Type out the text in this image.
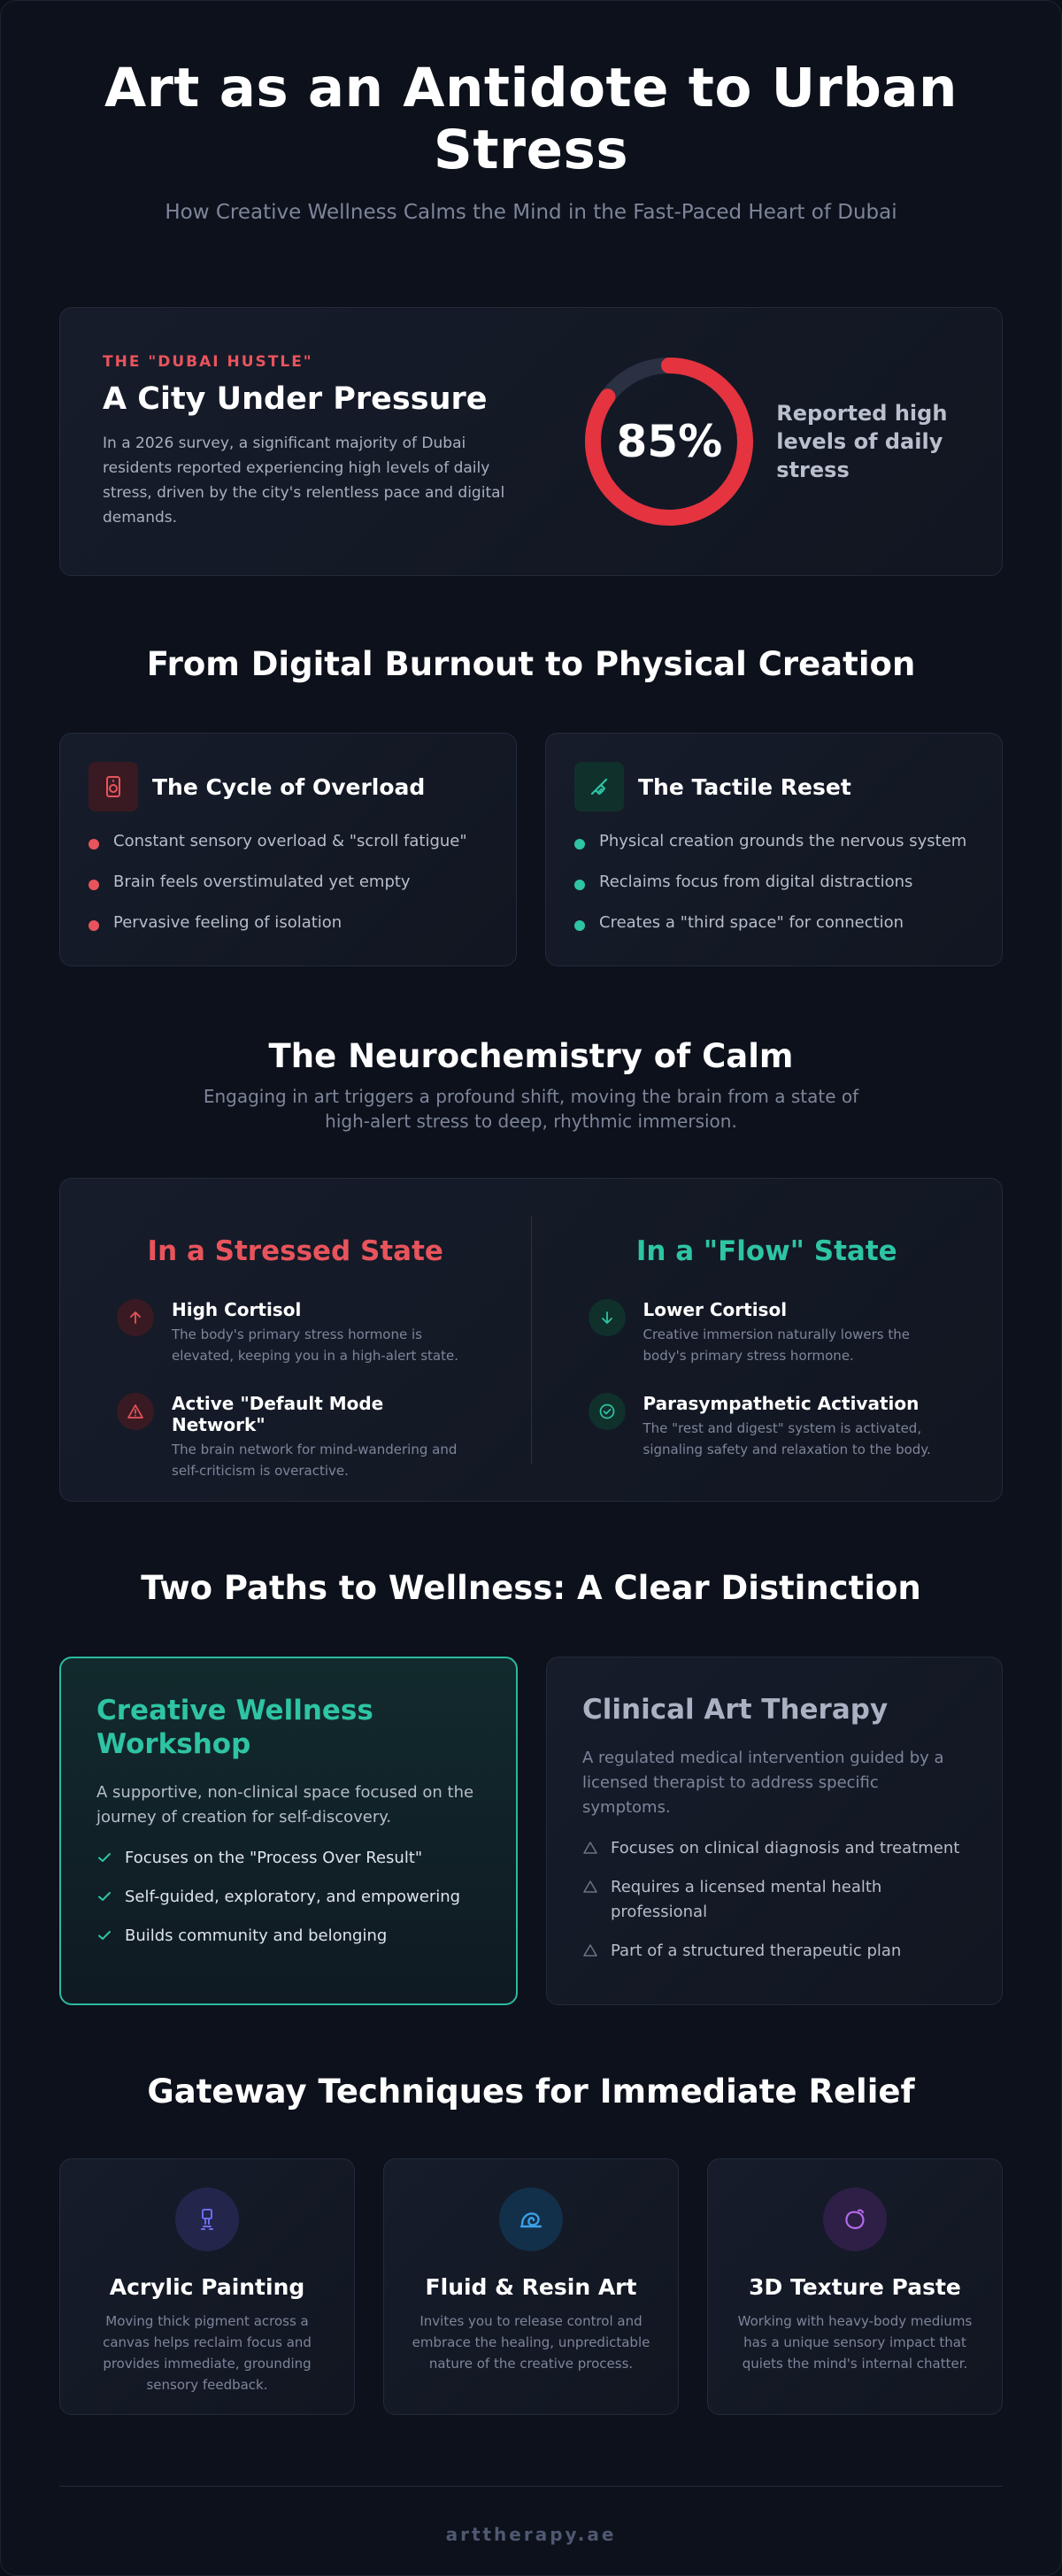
Art as an Antidote to Urban Stress
How Creative Wellness Calms the Mind in the Fast-Paced Heart of Dubai
THE "DUBAI HUSTLE"
A City Under Pressure

In a 2026 survey, a significant majority of Dubai residents reported experiencing high levels of daily stress, driven by the city's relentless pace and digital demands.

85%
Reported high levels of daily stress
From Digital Burnout to Physical Creation
The Cycle of Overload
Constant sensory overload & "scroll fatigue"
Brain feels overstimulated yet empty
Pervasive feeling of isolation
The Tactile Reset
Physical creation grounds the nervous system
Reclaims focus from digital distractions
Creates a "third space" for connection
The Neurochemistry of Calm

Engaging in art triggers a profound shift, moving the brain from a state of high-alert stress to deep, rhythmic immersion.

In a Stressed State
High Cortisol

The body's primary stress hormone is elevated, keeping you in a high-alert state.

Active "Default Mode Network"

The brain network for mind-wandering and self-criticism is overactive.

In a "Flow" State
Lower Cortisol

Creative immersion naturally lowers the body's primary stress hormone.

Parasympathetic Activation

The "rest and digest" system is activated, signaling safety and relaxation to the body.

Two Paths to Wellness: A Clear Distinction
Creative Wellness Workshop

A supportive, non-clinical space focused on the journey of creation for self-discovery.

Focuses on the "Process Over Result"
Self-guided, exploratory, and empowering
Builds community and belonging
Clinical Art Therapy

A regulated medical intervention guided by a licensed therapist to address specific symptoms.

Focuses on clinical diagnosis and treatment
Requires a licensed mental health professional
Part of a structured therapeutic plan
Gateway Techniques for Immediate Relief
Acrylic Painting

Moving thick pigment across a canvas helps reclaim focus and provides immediate, grounding sensory feedback.

Fluid & Resin Art

Invites you to release control and embrace the healing, unpredictable nature of the creative process.

3D Texture Paste

Working with heavy-body mediums has a unique sensory impact that quiets the mind's internal chatter.

arttherapy.ae
